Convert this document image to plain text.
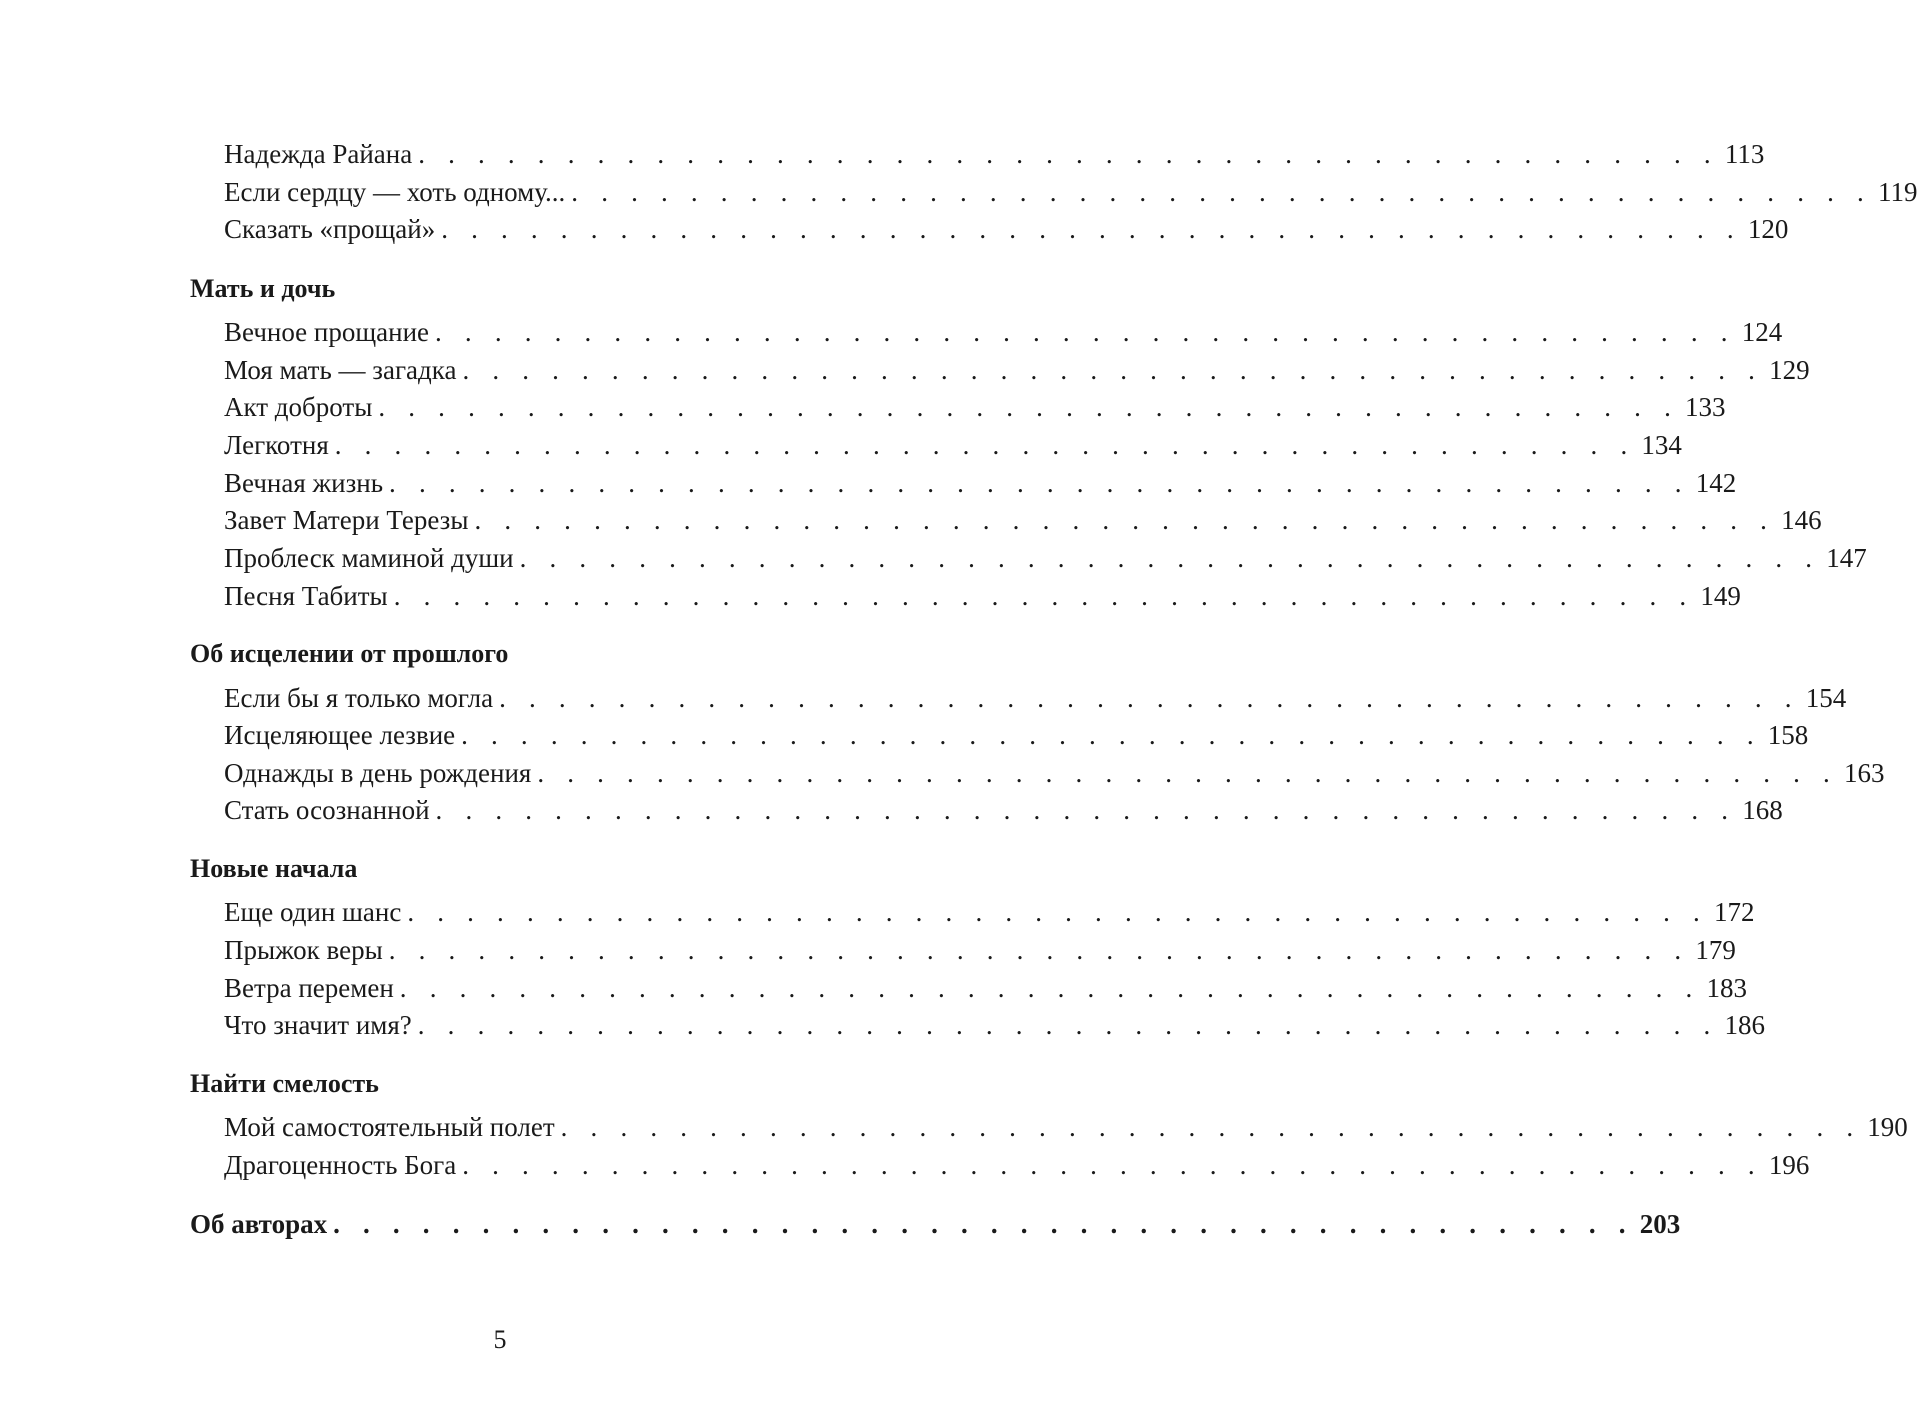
Надежда Райана . . . . . . . . . . . . . . . . . . . . . . . . . . . . . . . . . . . . . . . . . . . . 113
Если сердцу — хоть одному... . . . . . . . . . . . . . . . . . . . . . . . . . . . . . . . . . . . . . . . . . . . . 119
Сказать «прощай» . . . . . . . . . . . . . . . . . . . . . . . . . . . . . . . . . . . . . . . . . . . . 120
Мать и дочь
Вечное прощание . . . . . . . . . . . . . . . . . . . . . . . . . . . . . . . . . . . . . . . . . . . . 124
Моя мать — загадка . . . . . . . . . . . . . . . . . . . . . . . . . . . . . . . . . . . . . . . . . . . . 129
Акт доброты . . . . . . . . . . . . . . . . . . . . . . . . . . . . . . . . . . . . . . . . . . . . 133
Легкотня . . . . . . . . . . . . . . . . . . . . . . . . . . . . . . . . . . . . . . . . . . . . 134
Вечная жизнь . . . . . . . . . . . . . . . . . . . . . . . . . . . . . . . . . . . . . . . . . . . . 142
Завет Матери Терезы . . . . . . . . . . . . . . . . . . . . . . . . . . . . . . . . . . . . . . . . . . . . 146
Проблеск маминой души . . . . . . . . . . . . . . . . . . . . . . . . . . . . . . . . . . . . . . . . . . . . 147
Песня Табиты . . . . . . . . . . . . . . . . . . . . . . . . . . . . . . . . . . . . . . . . . . . . 149
Об исцелении от прошлого
Если бы я только могла . . . . . . . . . . . . . . . . . . . . . . . . . . . . . . . . . . . . . . . . . . . . 154
Исцеляющее лезвие . . . . . . . . . . . . . . . . . . . . . . . . . . . . . . . . . . . . . . . . . . . . 158
Однажды в день рождения . . . . . . . . . . . . . . . . . . . . . . . . . . . . . . . . . . . . . . . . . . . . 163
Стать осознанной . . . . . . . . . . . . . . . . . . . . . . . . . . . . . . . . . . . . . . . . . . . . 168
Новые начала
Еще один шанс . . . . . . . . . . . . . . . . . . . . . . . . . . . . . . . . . . . . . . . . . . . . 172
Прыжок веры . . . . . . . . . . . . . . . . . . . . . . . . . . . . . . . . . . . . . . . . . . . . 179
Ветра перемен . . . . . . . . . . . . . . . . . . . . . . . . . . . . . . . . . . . . . . . . . . . . 183
Что значит имя? . . . . . . . . . . . . . . . . . . . . . . . . . . . . . . . . . . . . . . . . . . . . 186
Найти смелость
Мой самостоятельный полет . . . . . . . . . . . . . . . . . . . . . . . . . . . . . . . . . . . . . . . . . . . . 190
Драгоценность Бога . . . . . . . . . . . . . . . . . . . . . . . . . . . . . . . . . . . . . . . . . . . . 196
Об авторах . . . . . . . . . . . . . . . . . . . . . . . . . . . . . . . . . . . . . . . . . . . . 203
5
